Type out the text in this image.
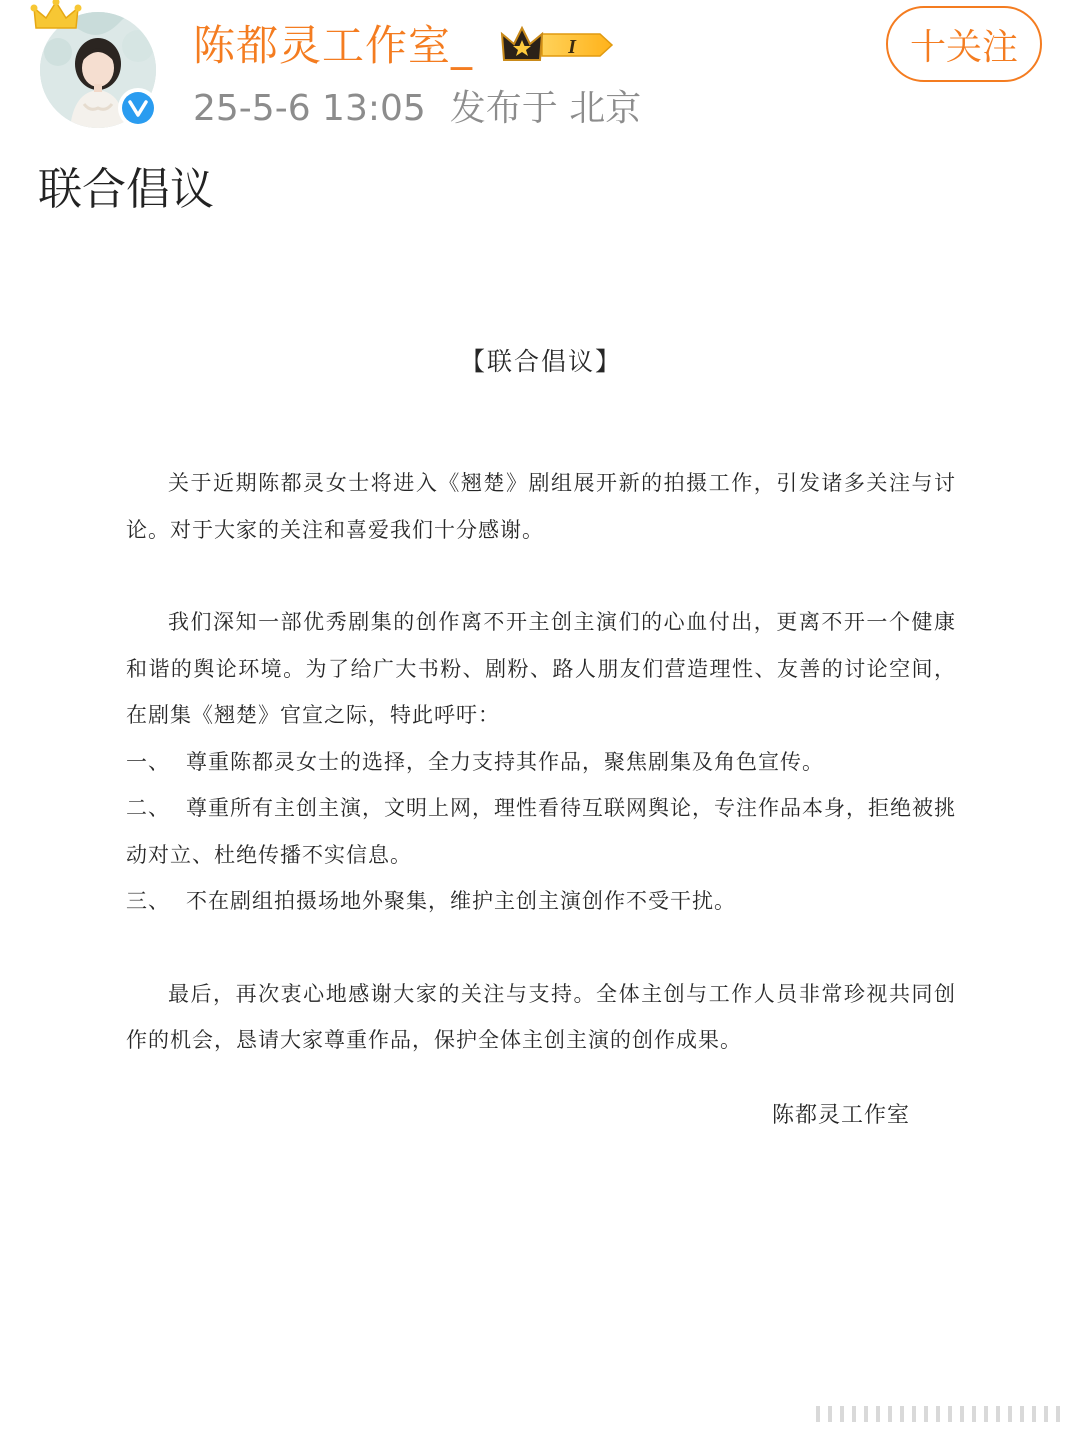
陈都灵工作室_	I
25-5-6 13:05 发布于 北京
十关注
联合倡议
【联合倡议】

关于近期陈都灵女士将进入《翘楚》剧组展开新的拍摄工作，引发诸多关注与讨论。对于大家的关注和喜爱我们十分感谢。

我们深知一部优秀剧集的创作离不开主创主演们的心血付出，更离不开一个健康和谐的舆论环境。为了给广大书粉、剧粉、路人朋友们营造理性、友善的讨论空间，在剧集《翘楚》官宣之际，特此呼吁：

一、 尊重陈都灵女士的选择，全力支持其作品，聚焦剧集及角色宣传。

二、 尊重所有主创主演，文明上网，理性看待互联网舆论，专注作品本身，拒绝被挑动对立、杜绝传播不实信息。

三、 不在剧组拍摄场地外聚集，维护主创主演创作不受干扰。

最后，再次衷心地感谢大家的关注与支持。全体主创与工作人员非常珍视共同创作的机会，恳请大家尊重作品，保护全体主创主演的创作成果。

陈都灵工作室
